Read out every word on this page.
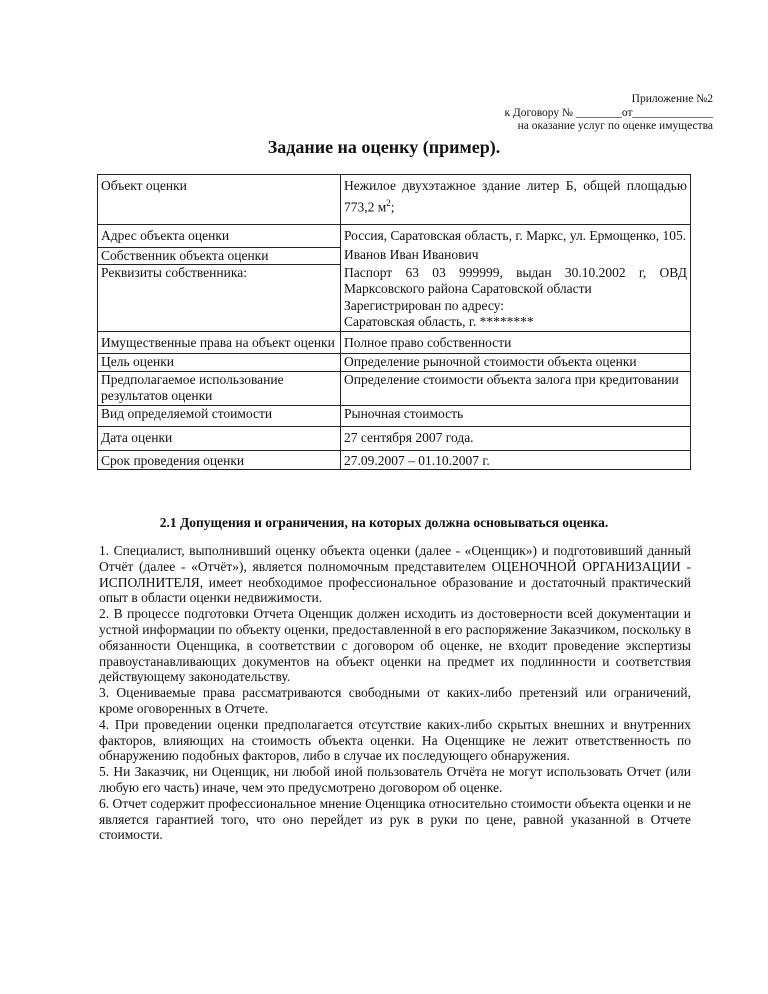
Приложение №2
к Договору № ________от______________
на оказание услуг по оценке имущества
Задание на оценку (пример).
Объект оценки	Нежилое двухэтажное здание литер Б, общей площадью 773,2 $м^2$;
Адрес объекта оценки	Россия, Саратовская область, г. Маркс, ул. Ермощенко, 105.
Собственник объекта оценки	Иванов Иван Иванович
Реквизиты собственника:	Паспорт 63 03 999999, выдан 30.10.2002 г, ОВД Марксовского района Саратовской области
Зарегистрирован по адресу:
Саратовская область, г. ********

Имущественные права на объект оценки	Полное право собственности
Цель оценки	Определение рыночной стоимости объекта оценки
Предполагаемое использование результатов оценки	Определение стоимости объекта залога при кредитовании
Вид определяемой стоимости	Рыночная стоимость
Дата оценки	27 сентября 2007 года.
Срок проведения оценки	27.09.2007 – 01.10.2007 г.
2.1 Допущения и ограничения, на которых должна основываться оценка.

1. Специалист, выполнивший оценку объекта оценки (далее - «Оценщик») и подготовивший данный Отчёт (далее - «Отчёт»), является полномочным представителем ОЦЕНОЧНОЙ ОРГАНИЗАЦИИ - ИСПОЛНИТЕЛЯ, имеет необходимое профессиональное образование и достаточный практический опыт в области оценки недвижимости.

2. В процессе подготовки Отчета Оценщик должен исходить из достоверности всей документации и устной информации по объекту оценки, предоставленной в его распоряжение Заказчиком, поскольку в обязанности Оценщика, в соответствии с договором об оценке, не входит проведение экспертизы правоустанавливающих документов на объект оценки на предмет их подлинности и соответствия действующему законодательству.

3. Оцениваемые права рассматриваются свободными от каких-либо претензий или ограничений, кроме оговоренных в Отчете.

4. При проведении оценки предполагается отсутствие каких-либо скрытых внешних и внутренних факторов, влияющих на стоимость объекта оценки. На Оценщике не лежит ответственность по обнаружению подобных факторов, либо в случае их последующего обнаружения.

5. Ни Заказчик, ни Оценщик, ни любой иной пользователь Отчёта не могут использовать Отчет (или любую его часть) иначе, чем это предусмотрено договором об оценке.

6. Отчет содержит профессиональное мнение Оценщика относительно стоимости объекта оценки и не является гарантией того, что оно перейдет из рук в руки по цене, равной указанной в Отчете стоимости.
